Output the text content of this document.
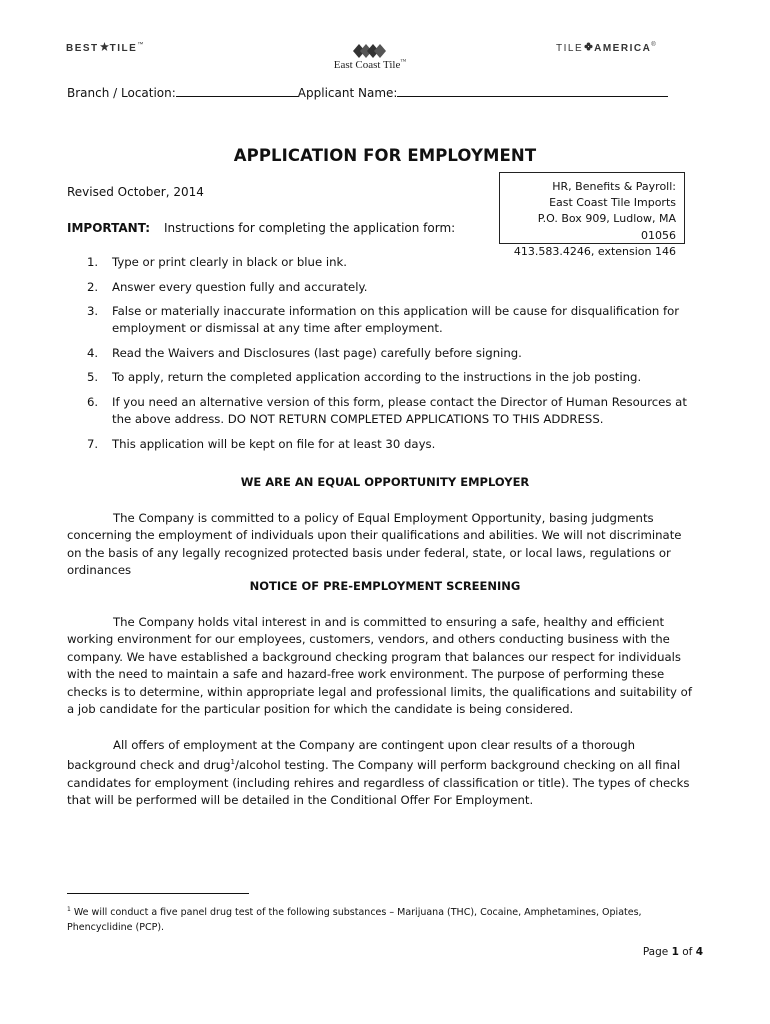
BEST TILE™
East Coast Tile™
TILE AMERICA®
Branch / Location:	Applicant Name:
APPLICATION FOR EMPLOYMENT
Revised October, 2014
IMPORTANT: Instructions for completing the application form:
HR, Benefits & Payroll:
East Coast Tile Imports
P.O. Box 909, Ludlow, MA 01056
413.583.4246, extension 146
1. Type or print clearly in black or blue ink.
2. Answer every question fully and accurately.
3. False or materially inaccurate information on this application will be cause for disqualification for employment or dismissal at any time after employment.
4. Read the Waivers and Disclosures (last page) carefully before signing.
5. To apply, return the completed application according to the instructions in the job posting.
6. If you need an alternative version of this form, please contact the Director of Human Resources at the above address. DO NOT RETURN COMPLETED APPLICATIONS TO THIS ADDRESS.
7. This application will be kept on file for at least 30 days.
WE ARE AN EQUAL OPPORTUNITY EMPLOYER
The Company is committed to a policy of Equal Employment Opportunity, basing judgments concerning the employment of individuals upon their qualifications and abilities. We will not discriminate on the basis of any legally recognized protected basis under federal, state, or local laws, regulations or ordinances
NOTICE OF PRE-EMPLOYMENT SCREENING
The Company holds vital interest in and is committed to ensuring a safe, healthy and efficient working environment for our employees, customers, vendors, and others conducting business with the company. We have established a background checking program that balances our respect for individuals with the need to maintain a safe and hazard-free work environment. The purpose of performing these checks is to determine, within appropriate legal and professional limits, the qualifications and suitability of a job candidate for the particular position for which the candidate is being considered.
All offers of employment at the Company are contingent upon clear results of a thorough background check and drug$^1$/alcohol testing. The Company will perform background checking on all final candidates for employment (including rehires and regardless of classification or title). The types of checks that will be performed will be detailed in the Conditional Offer For Employment.
$^1$ We will conduct a five panel drug test of the following substances – Marijuana (THC), Cocaine, Amphetamines, Opiates, Phencyclidine (PCP).
Page 1 of 4
